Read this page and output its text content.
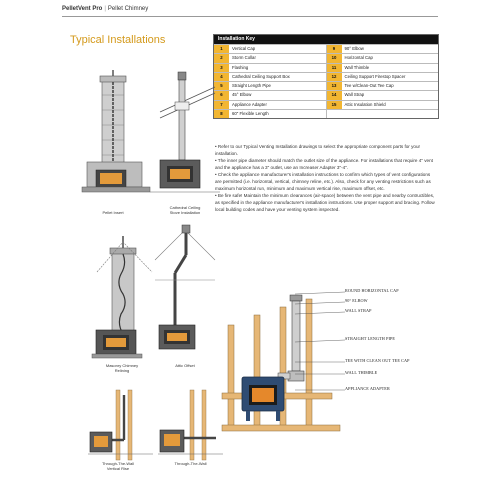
PelletVent Pro | Pellet Chimney
Typical Installations	Installation Key
1	Vertical Cap	9	90° Elbow
2	Storm Collar	10	Horizontal Cap
3	Flashing	11	Wall Thimble
4	Cathedral Ceiling Support Box	12	Ceiling Support Firestop Spacer
5	Straight Length Pipe	13	Tee w/Clean-Out Tee Cap
6	45° Elbow	14	Wall Strap
7	Appliance Adapter	15	Attic Insulation Shield
8	60" Flexible Length

• Refer to our Typical Venting Installation drawings to select the appropriate component parts for your installation.

• The inner pipe diameter should match the outlet size of the appliance. For installations that require 4" vent and the appliance has a 3" outlet, use an Increaser Adapter 3"-4".

• Check the appliance manufacturer's installation instructions to confirm which types of vent configurations are permitted (i.e. horizontal, vertical, chimney reline, etc.). Also, check for any venting restrictions such as maximum horizontal run, minimum and maximum vertical rise, maximum offset, etc.

• Be fire safe! Maintain the minimum clearances (air-space) between the vent pipe and nearby contructibles, as specified in the appliance manufacturer's installation instructions. Use proper support and bracing. Follow local building codes and have your venting system inspected.

Pellet Insert
Cathedral Ceiling
Stove Installation
Masonry Chimney
Relining
Attic Offset
Through-The-Wall
Vertical Rise
Through-The-Wall
ROUND HORIZONTAL CAP
90° ELBOW
WALL STRAP
STRAIGHT LENGTH PIPE
TEE WITH CLEAN OUT TEE CAP
WALL THIMBLE
APPLIANCE ADAPTER
